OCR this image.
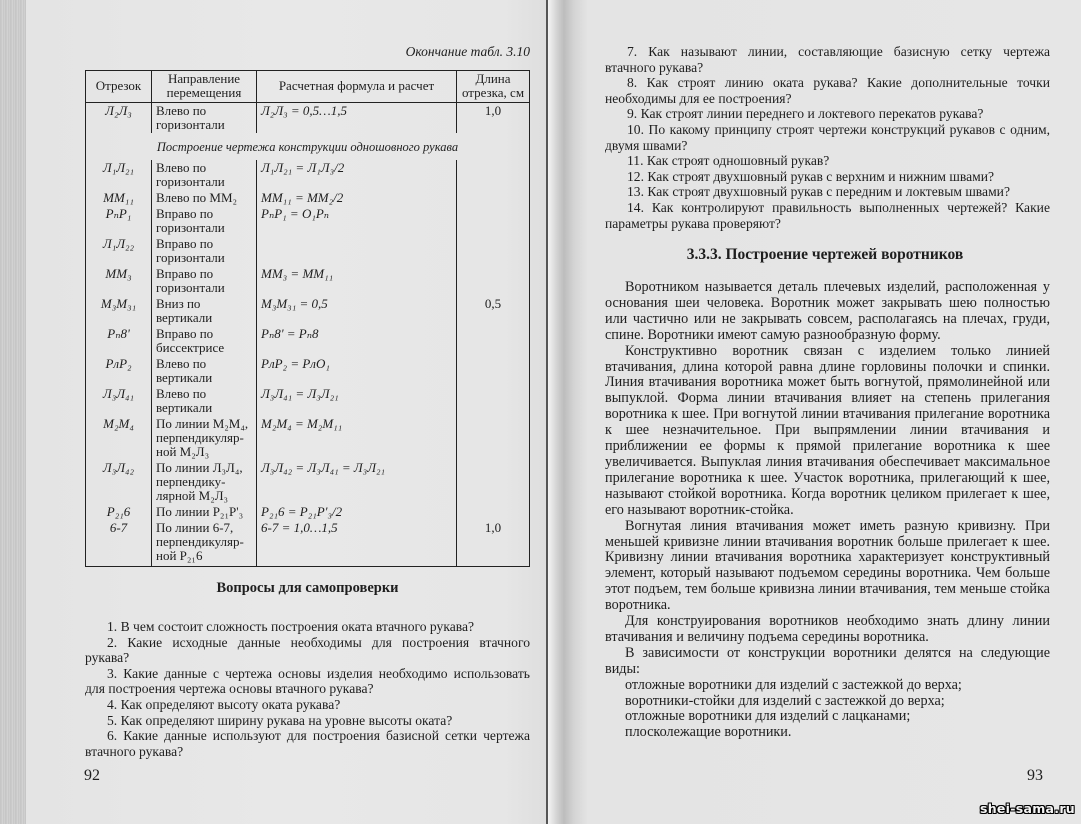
Окончание табл. 3.10
Отрезок	Направление перемещения	Расчетная формула и расчет	Длина отрезка, см
Л₂Л₃	Влево по горизонтали	Л₂Л₃ = 0,5…1,5	1,0
Построение чертежа конструкции одношовного рукава			
Л₁Л₂₁	Влево по горизонтали	Л₁Л₂₁ = Л₁Л₃/2	
ММ₁₁	Влево по ММ₂	ММ₁₁ = ММ₂/2	
РₙР₁	Вправо по горизонтали	РₙР₁ = О₁Рₙ	
Л₁Л₂₂	Вправо по горизонтали		
ММ₃	Вправо по горизонтали	ММ₃ = ММ₁₁	
М₃М₃₁	Вниз по вертикали	М₃М₃₁ = 0,5	0,5
Рₙ8'	Вправо по биссектрисе	Рₙ8' = Рₙ8	
РлР₂	Влево по вертикали	РлР₂ = РлО₁	
Л₃Л₄₁	Влево по вертикали	Л₃Л₄₁ = Л₃Л₂₁	
М₂М₄	По линии М₂М₄, перпендикуляр-ной М₂Л₃	М₂М₄ = М₂М₁₁	
Л₃Л₄₂	По линии Л₃Л₄, перпендику-лярной М₂Л₃	Л₃Л₄₂ = Л₃Л₄₁ = Л₃Л₂₁	
Р₂₁6	По линии Р₂₁Р'₃	Р₂₁6 = Р₂₁Р'₃/2	
6-7	По линии 6-7, перпендикуляр-ной Р₂₁6	6-7 = 1,0…1,5	1,0
Вопросы для самопроверки

1. В чем состоит сложность построения оката втачного рукава?

2. Какие исходные данные необходимы для построения втачного рукава?

3. Какие данные с чертежа основы изделия необходимо использовать для построения чертежа основы втачного рукава?

4. Как определяют высоту оката рукава?

5. Как определяют ширину рукава на уровне высоты оката?

6. Какие данные используют для построения базисной сетки чертежа втачного рукава?

92

7. Как называют линии, составляющие базисную сетку чертежа втачного рукава?

8. Как строят линию оката рукава? Какие дополнительные точки необходимы для ее построения?

9. Как строят линии переднего и локтевого перекатов рукава?

10. По какому принципу строят чертежи конструкций рукавов с одним, двумя швами?

11. Как строят одношовный рукав?

12. Как строят двухшовный рукав с верхним и нижним швами?

13. Как строят двухшовный рукав с передним и локтевым швами?

14. Как контролируют правильность выполненных чертежей? Какие параметры рукава проверяют?

3.3.3. Построение чертежей воротников

Воротником называется деталь плечевых изделий, расположенная у основания шеи человека. Воротник может закрывать шею полностью или частично или не закрывать совсем, располагаясь на плечах, груди, спине. Воротники имеют самую разнообразную форму.

Конструктивно воротник связан с изделием только линией втачивания, длина которой равна длине горловины полочки и спинки. Линия втачивания воротника может быть вогнутой, прямолинейной или выпуклой. Форма линии втачивания влияет на степень прилегания воротника к шее. При вогнутой линии втачивания прилегание воротника к шее незначительное. При выпрямлении линии втачивания и приближении ее формы к прямой прилегание воротника к шее увеличивается. Выпуклая линия втачивания обеспечивает максимальное прилегание воротника к шее. Участок воротника, прилегающий к шее, называют стойкой воротника. Когда воротник целиком прилегает к шее, его называют воротник-стойка.

Вогнутая линия втачивания может иметь разную кривизну. При меньшей кривизне линии втачивания воротник больше прилегает к шее. Кривизну линии втачивания воротника характеризует конструктивный элемент, который называют подъемом середины воротника. Чем больше этот подъем, тем больше кривизна линии втачивания, тем меньше стойка воротника.

Для конструирования воротников необходимо знать длину линии втачивания и величину подъема середины воротника.

В зависимости от конструкции воротники делятся на следующие виды:

отложные воротники для изделий с застежкой до верха;

воротники-стойки для изделий с застежкой до верха;

отложные воротники для изделий с лацканами;

плосколежащие воротники.

93
shei-sama.ru
